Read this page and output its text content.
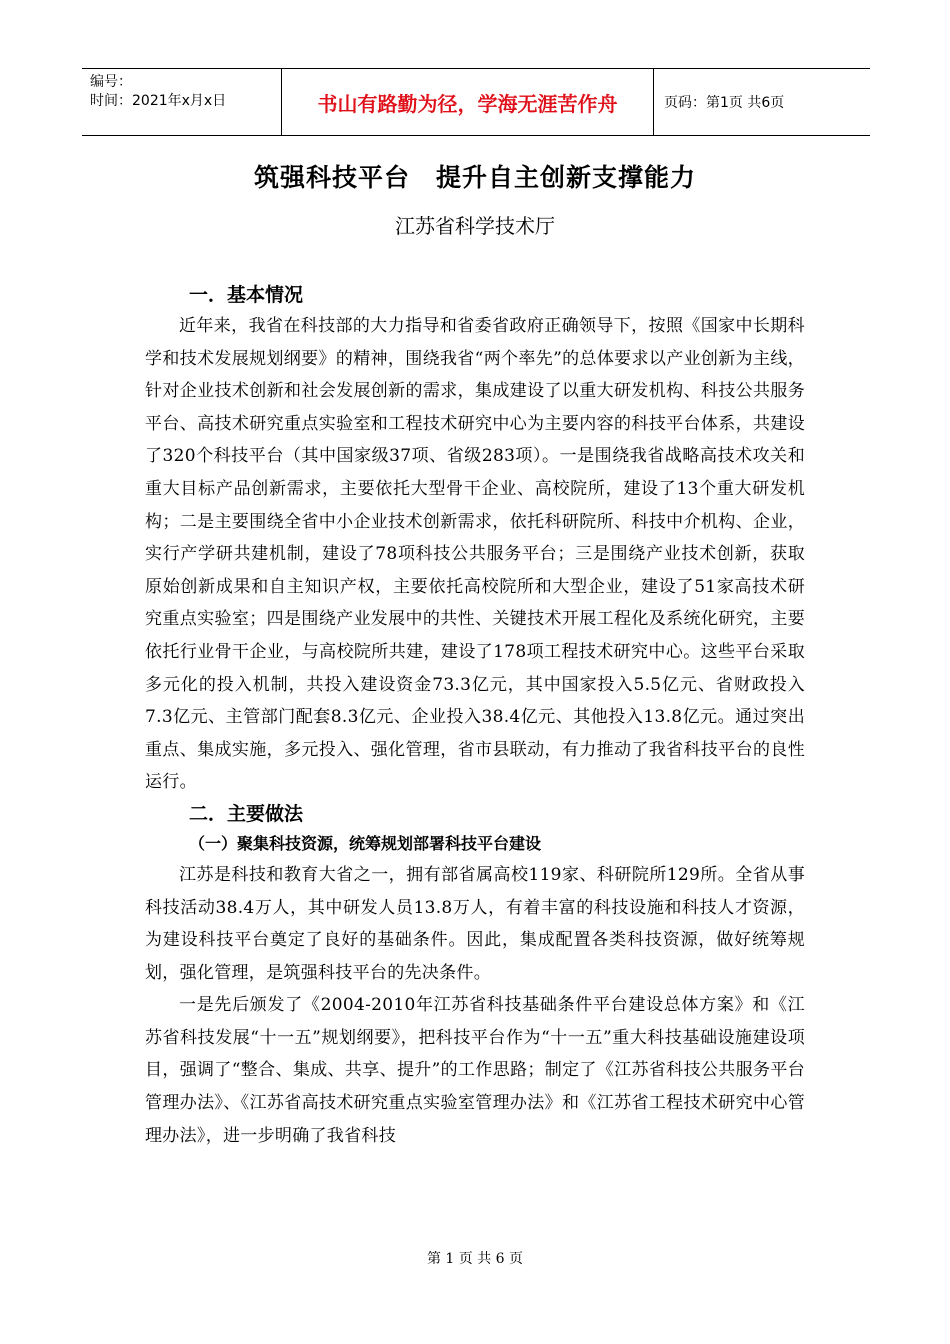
编号：
时间：2021年x月x日	书山有路勤为径，学海无涯苦作舟	页码：第1页 共6页
筑强科技平台　提升自主创新支撑能力
江苏省科学技术厅
一．基本情况

近年来，我省在科技部的大力指导和省委省政府正确领导下，按照《国家中长期科学和技术发展规划纲要》的精神，围绕我省“两个率先”的总体要求以产业创新为主线，针对企业技术创新和社会发展创新的需求，集成建设了以重大研发机构、科技公共服务平台、高技术研究重点实验室和工程技术研究中心为主要内容的科技平台体系，共建设了320个科技平台（其中国家级37项、省级283项）。一是围绕我省战略高技术攻关和重大目标产品创新需求，主要依托大型骨干企业、高校院所，建设了13个重大研发机构；二是主要围绕全省中小企业技术创新需求，依托科研院所、科技中介机构、企业，实行产学研共建机制，建设了78项科技公共服务平台；三是围绕产业技术创新，获取原始创新成果和自主知识产权，主要依托高校院所和大型企业，建设了51家高技术研究重点实验室；四是围绕产业发展中的共性、关键技术开展工程化及系统化研究，主要依托行业骨干企业，与高校院所共建，建设了178项工程技术研究中心。这些平台采取多元化的投入机制，共投入建设资金73.3亿元，其中国家投入5.5亿元、省财政投入7.3亿元、主管部门配套8.3亿元、企业投入38.4亿元、其他投入13.8亿元。通过突出重点、集成实施，多元投入、强化管理，省市县联动，有力推动了我省科技平台的良性运行。

二．主要做法
（一）聚集科技资源，统筹规划部署科技平台建设

江苏是科技和教育大省之一，拥有部省属高校119家、科研院所129所。全省从事科技活动38.4万人，其中研发人员13.8万人，有着丰富的科技设施和科技人才资源，为建设科技平台奠定了良好的基础条件。因此，集成配置各类科技资源，做好统筹规划，强化管理，是筑强科技平台的先决条件。

一是先后颁发了《2004-2010年江苏省科技基础条件平台建设总体方案》和《江苏省科技发展“十一五”规划纲要》，把科技平台作为“十一五”重大科技基础设施建设项目，强调了“整合、集成、共享、提升”的工作思路；制定了《江苏省科技公共服务平台管理办法》、《江苏省高技术研究重点实验室管理办法》和《江苏省工程技术研究中心管理办法》，进一步明确了我省科技

第 1 页 共 6 页
